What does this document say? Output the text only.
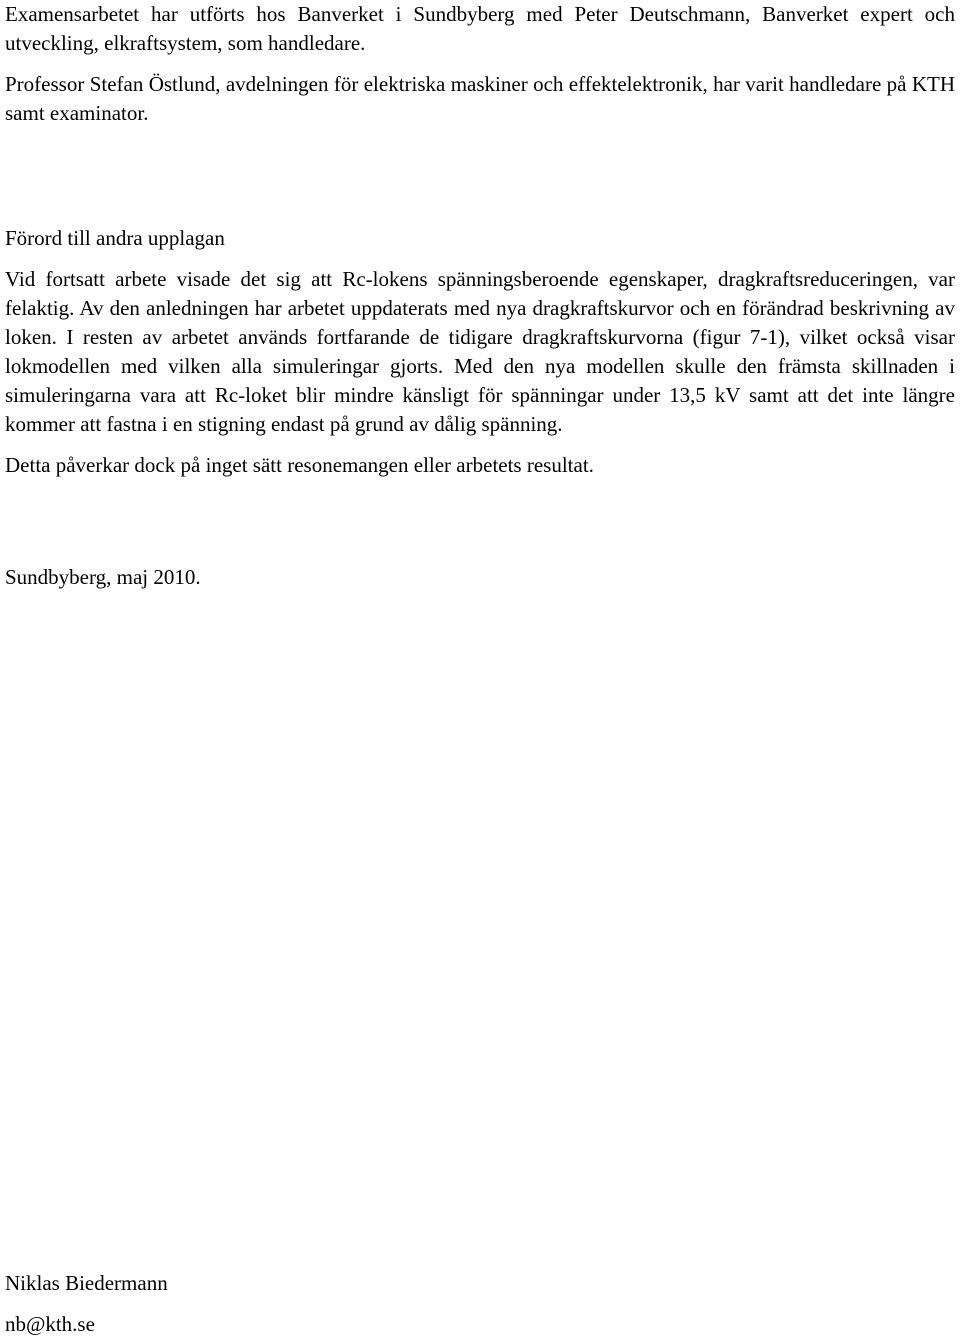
Examensarbetet har utförts hos Banverket i Sundbyberg med Peter Deutschmann, Banverket expert och utveckling, elkraftsystem, som handledare.

Professor Stefan Östlund, avdelningen för elektriska maskiner och effektelektronik, har varit handledare på KTH samt examinator.

Förord till andra upplagan

Vid fortsatt arbete visade det sig att Rc-lokens spänningsberoende egenskaper, dragkraftsreduceringen, var felaktig. Av den anledningen har arbetet uppdaterats med nya dragkraftskurvor och en förändrad beskrivning av loken. I resten av arbetet används fortfarande de tidigare dragkraftskurvorna (figur 7-1), vilket också visar lokmodellen med vilken alla simuleringar gjorts. Med den nya modellen skulle den främsta skillnaden i simuleringarna vara att Rc-loket blir mindre känsligt för spänningar under 13,5 kV samt att det inte längre kommer att fastna i en stigning endast på grund av dålig spänning.

Detta påverkar dock på inget sätt resonemangen eller arbetets resultat.

Sundbyberg, maj 2010.

Niklas Biedermann

nb@kth.se
